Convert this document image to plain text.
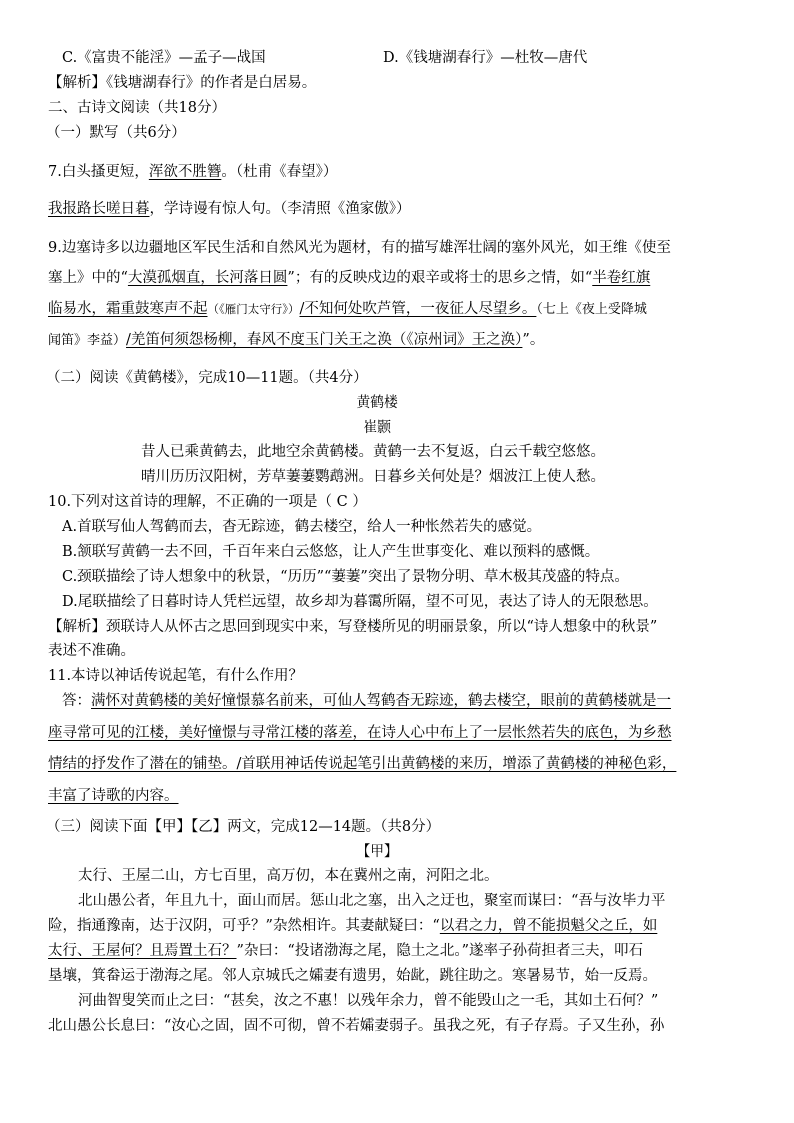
C.《富贵不能淫》—孟子—战国	D.《钱塘湖春行》—杜牧—唐代
【解析】《钱塘湖春行》的作者是白居易。
二、古诗文阅读（共18分）
（一）默写（共6分）
7.白头搔更短，浑欲不胜簪。（杜甫《春望》）
我报路长嗟日暮，学诗谩有惊人句。（李清照《渔家傲》）
9.边塞诗多以边疆地区军民生活和自然风光为题材，有的描写雄浑壮阔的塞外风光，如王维《使至
塞上》中的“大漠孤烟直，长河落日圆”；有的反映戍边的艰辛或将士的思乡之情，如“半卷红旗
临易水，霜重鼓寒声不起（《雁门太守行》）/不知何处吹芦管，一夜征人尽望乡。（七上《夜上受降城
闻笛》李益）/羌笛何须怨杨柳，春风不度玉门关王之涣（《凉州词》王之涣）”。
（二）阅读《黄鹤楼》，完成10—11题。（共4分）
黄鹤楼
崔颢
昔人已乘黄鹤去，此地空余黄鹤楼。黄鹤一去不复返，白云千载空悠悠。
晴川历历汉阳树，芳草萋萋鹦鹉洲。日暮乡关何处是？烟波江上使人愁。
10.下列对这首诗的理解，不正确的一项是（ C ）
A.首联写仙人驾鹤而去，杳无踪迹，鹤去楼空，给人一种怅然若失的感觉。
B.颔联写黄鹤一去不回，千百年来白云悠悠，让人产生世事变化、难以预料的感慨。
C.颈联描绘了诗人想象中的秋景，“历历”“萋萋”突出了景物分明、草木极其茂盛的特点。
D.尾联描绘了日暮时诗人凭栏远望，故乡却为暮霭所隔，望不可见，表达了诗人的无限愁思。
【解析】颈联诗人从怀古之思回到现实中来，写登楼所见的明丽景象，所以“诗人想象中的秋景”
表述不准确。
11.本诗以神话传说起笔，有什么作用？
答：满怀对黄鹤楼的美好憧憬慕名前来，可仙人驾鹤杳无踪迹，鹤去楼空，眼前的黄鹤楼就是一
座寻常可见的江楼，美好憧憬与寻常江楼的落差，在诗人心中布上了一层怅然若失的底色，为乡愁
情结的抒发作了潜在的铺垫。/首联用神话传说起笔引出黄鹤楼的来历，增添了黄鹤楼的神秘色彩，
丰富了诗歌的内容。
（三）阅读下面【甲】【乙】两文，完成12—14题。（共8分）
【甲】
太行、王屋二山，方七百里，高万仞，本在冀州之南，河阳之北。
北山愚公者，年且九十，面山而居。惩山北之塞，出入之迂也，聚室而谋曰：“吾与汝毕力平
险，指通豫南，达于汉阴，可乎？”杂然相许。其妻献疑曰：“以君之力，曾不能损魁父之丘，如
太行、王屋何？且焉置土石？”杂曰：“投诸渤海之尾，隐土之北。”遂率子孙荷担者三夫，叩石
垦壤，箕畚运于渤海之尾。邻人京城氏之孀妻有遗男，始龀，跳往助之。寒暑易节，始一反焉。
河曲智叟笑而止之曰：“甚矣，汝之不惠！以残年余力，曾不能毁山之一毛，其如土石何？”
北山愚公长息曰：“汝心之固，固不可彻，曾不若孀妻弱子。虽我之死，有子存焉。子又生孙，孙
